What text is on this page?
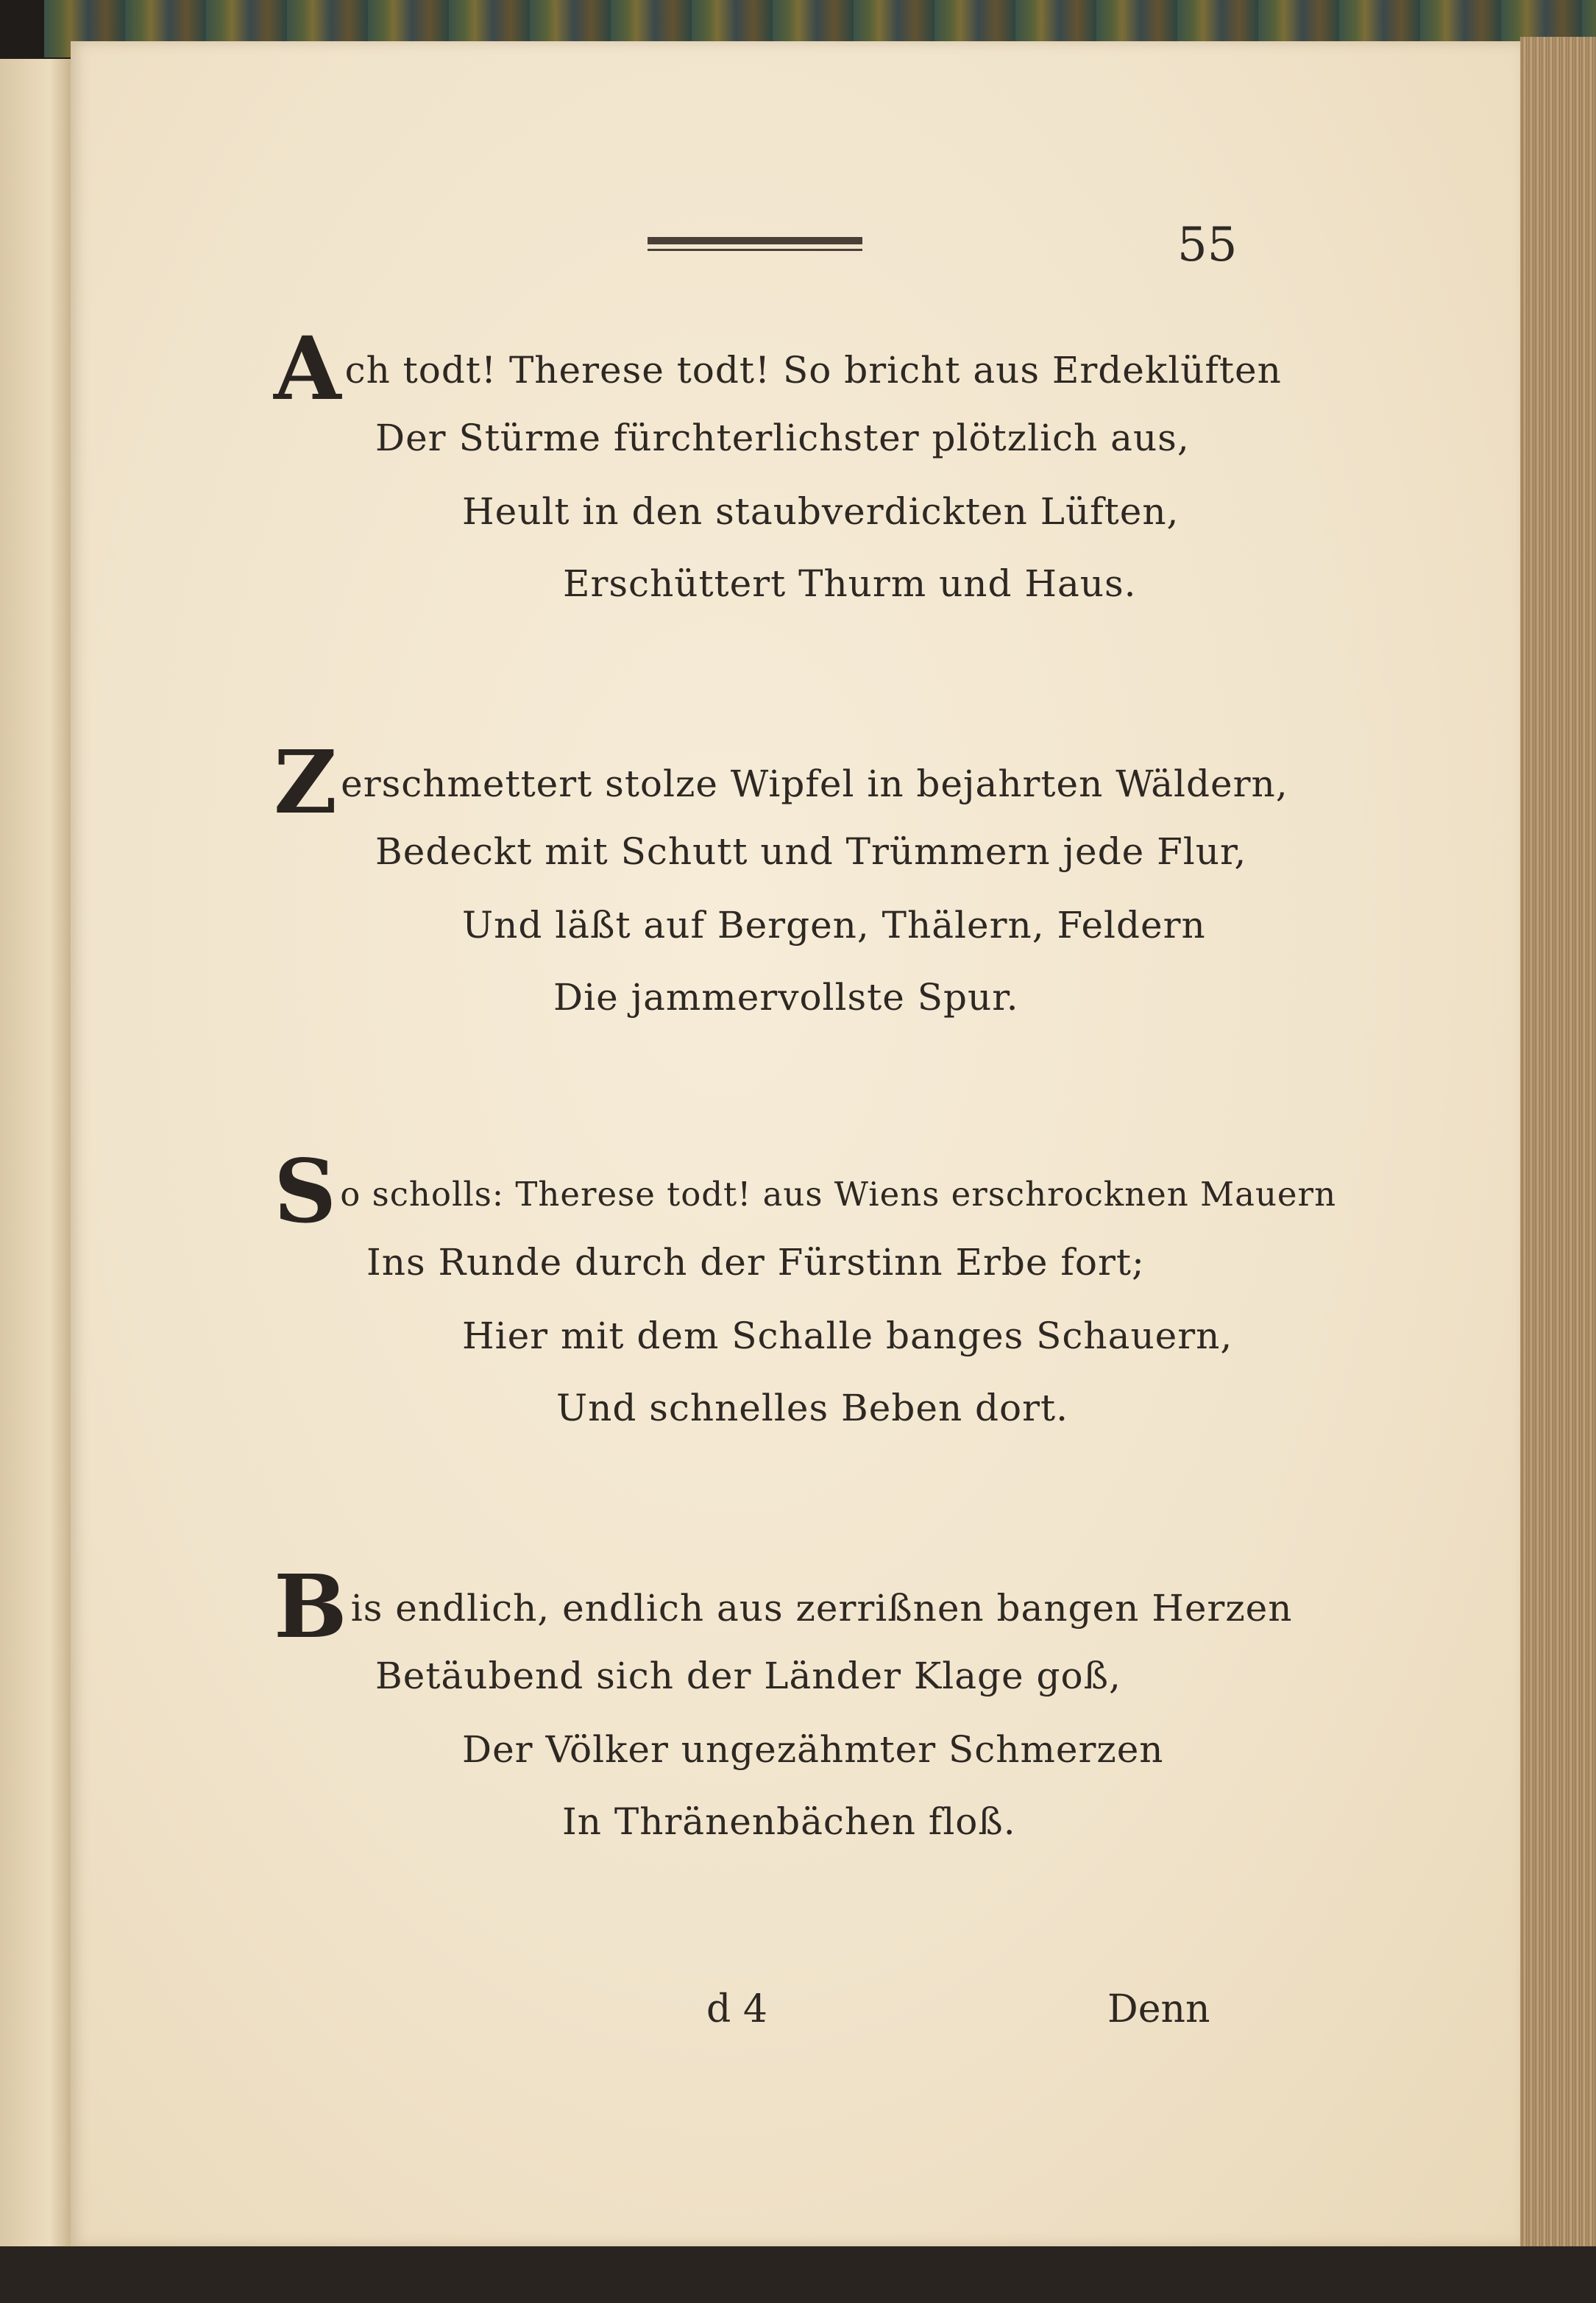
55
Ach todt! Therese todt! So bricht aus Erdeklüften
Der Stürme fürchterlichster plötzlich aus,
Heult in den staubverdickten Lüften,
Erschüttert Thurm und Haus.
Zerschmettert stolze Wipfel in bejahrten Wäldern,
Bedeckt mit Schutt und Trümmern jede Flur,
Und läßt auf Bergen, Thälern, Feldern
Die jammervollste Spur.
So scholls: Therese todt! aus Wiens erschrocknen Mauern
Ins Runde durch der Fürstinn Erbe fort;
Hier mit dem Schalle banges Schauern,
Und schnelles Beben dort.
Bis endlich, endlich aus zerrißnen bangen Herzen
Betäubend sich der Länder Klage goß,
Der Völker ungezähmter Schmerzen
In Thränenbächen floß.
d 4	Denn
